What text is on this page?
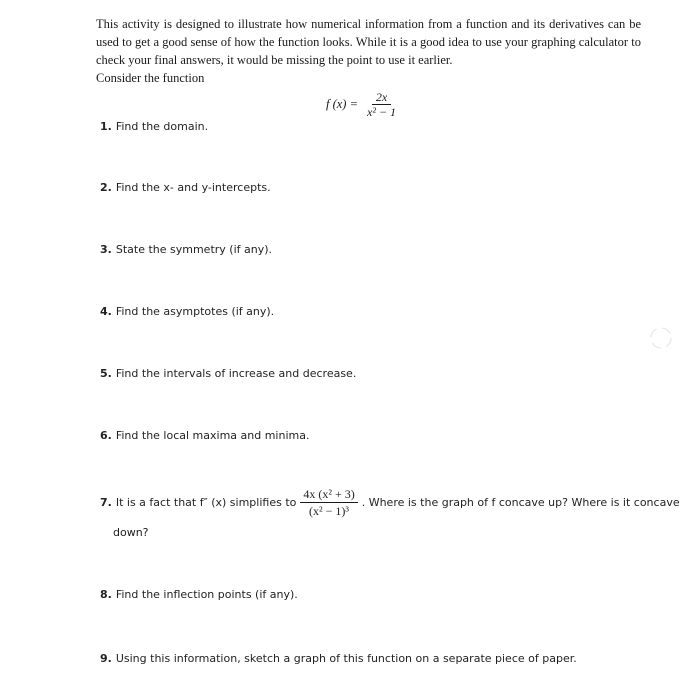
This activity is designed to illustrate how numerical information from a function and its derivatives can be used to get a good sense of how the function looks. While it is a good idea to use your graphing calculator to check your final answers, it would be missing the point to use it earlier.
Consider the function
f $(x) = \frac{2x}{\text{x² − 1}}$
1. Find the domain.
2. Find the x- and y-intercepts.
3. State the symmetry (if any).
4. Find the asymptotes (if any).
5. Find the intervals of increase and decrease.
6. Find the local maxima and minima.
7. It is a fact that f″ (x) simplifies to $\frac{\text{4x (x² + 3)}}{\text{(x² − 1)³}}$ . Where is the graph of f concave up? Where is it concave
down?
8. Find the inflection points (if any).
9. Using this information, sketch a graph of this function on a separate piece of paper.
